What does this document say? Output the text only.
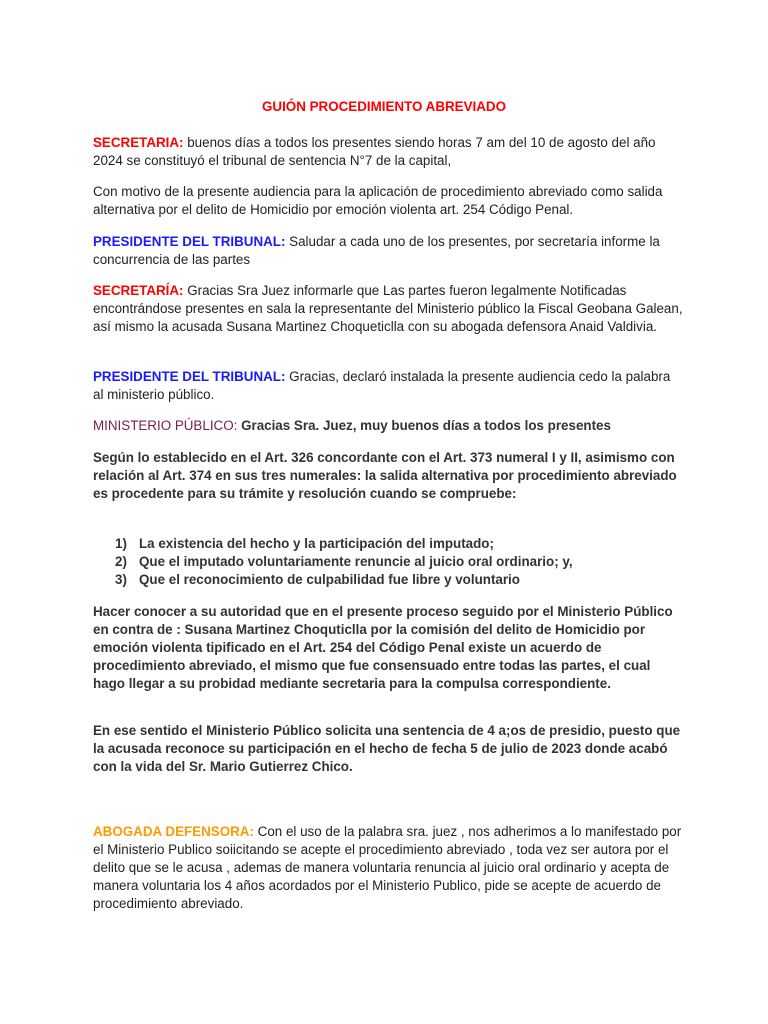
GUIÓN PROCEDIMIENTO ABREVIADO

SECRETARIA: buenos días a todos los presentes siendo horas 7 am del 10 de agosto del año 2024 se constituyó el tribunal de sentencia N°7 de la capital,

Con motivo de la presente audiencia para la aplicación de procedimiento abreviado como salida alternativa por el delito de Homicidio por emoción violenta art. 254 Código Penal.

PRESIDENTE DEL TRIBUNAL: Saludar a cada uno de los presentes, por secretaría informe la concurrencia de las partes

SECRETARÍA: Gracias Sra Juez informarle que Las partes fueron legalmente Notificadas encontrándose presentes en sala la representante del Ministerio público la Fiscal Geobana Galean, así mismo la acusada Susana Martinez Choqueticlla con su abogada defensora Anaid Valdivia.

PRESIDENTE DEL TRIBUNAL: Gracias, declaró instalada la presente audiencia cedo la palabra al ministerio público.

MINISTERIO PÚBLICO: Gracias Sra. Juez, muy buenos días a todos los presentes

Según lo establecido en el Art. 326 concordante con el Art. 373 numeral I y II, asimismo con relación al Art. 374 en sus tres numerales: la salida alternativa por procedimiento abreviado es procedente para su trámite y resolución cuando se compruebe:

1) La existencia del hecho y la participación del imputado;
2) Que el imputado voluntariamente renuncie al juicio oral ordinario; y,
3) Que el reconocimiento de culpabilidad fue libre y voluntario

Hacer conocer a su autoridad que en el presente proceso seguido por el Ministerio Público en contra de : Susana Martinez Choquticlla por la comisión del delito de Homicidio por emoción violenta tipificado en el Art. 254 del Código Penal existe un acuerdo de procedimiento abreviado, el mismo que fue consensuado entre todas las partes, el cual hago llegar a su probidad mediante secretaria para la compulsa correspondiente.

En ese sentido el Ministerio Público solicita una sentencia de 4 a;os de presidio, puesto que la acusada reconoce su participación en el hecho de fecha 5 de julio de 2023 donde acabó con la vida del Sr. Mario Gutierrez Chico.

ABOGADA DEFENSORA: Con el uso de la palabra sra. juez , nos adherimos a lo manifestado por el Ministerio Publico soiicitando se acepte el procedimiento abreviado , toda vez ser autora por el delito que se le acusa , ademas de manera voluntaria renuncia al juicio oral ordinario y acepta de manera voluntaria los 4 años acordados por el Ministerio Publico, pide se acepte de acuerdo de procedimiento abreviado.
